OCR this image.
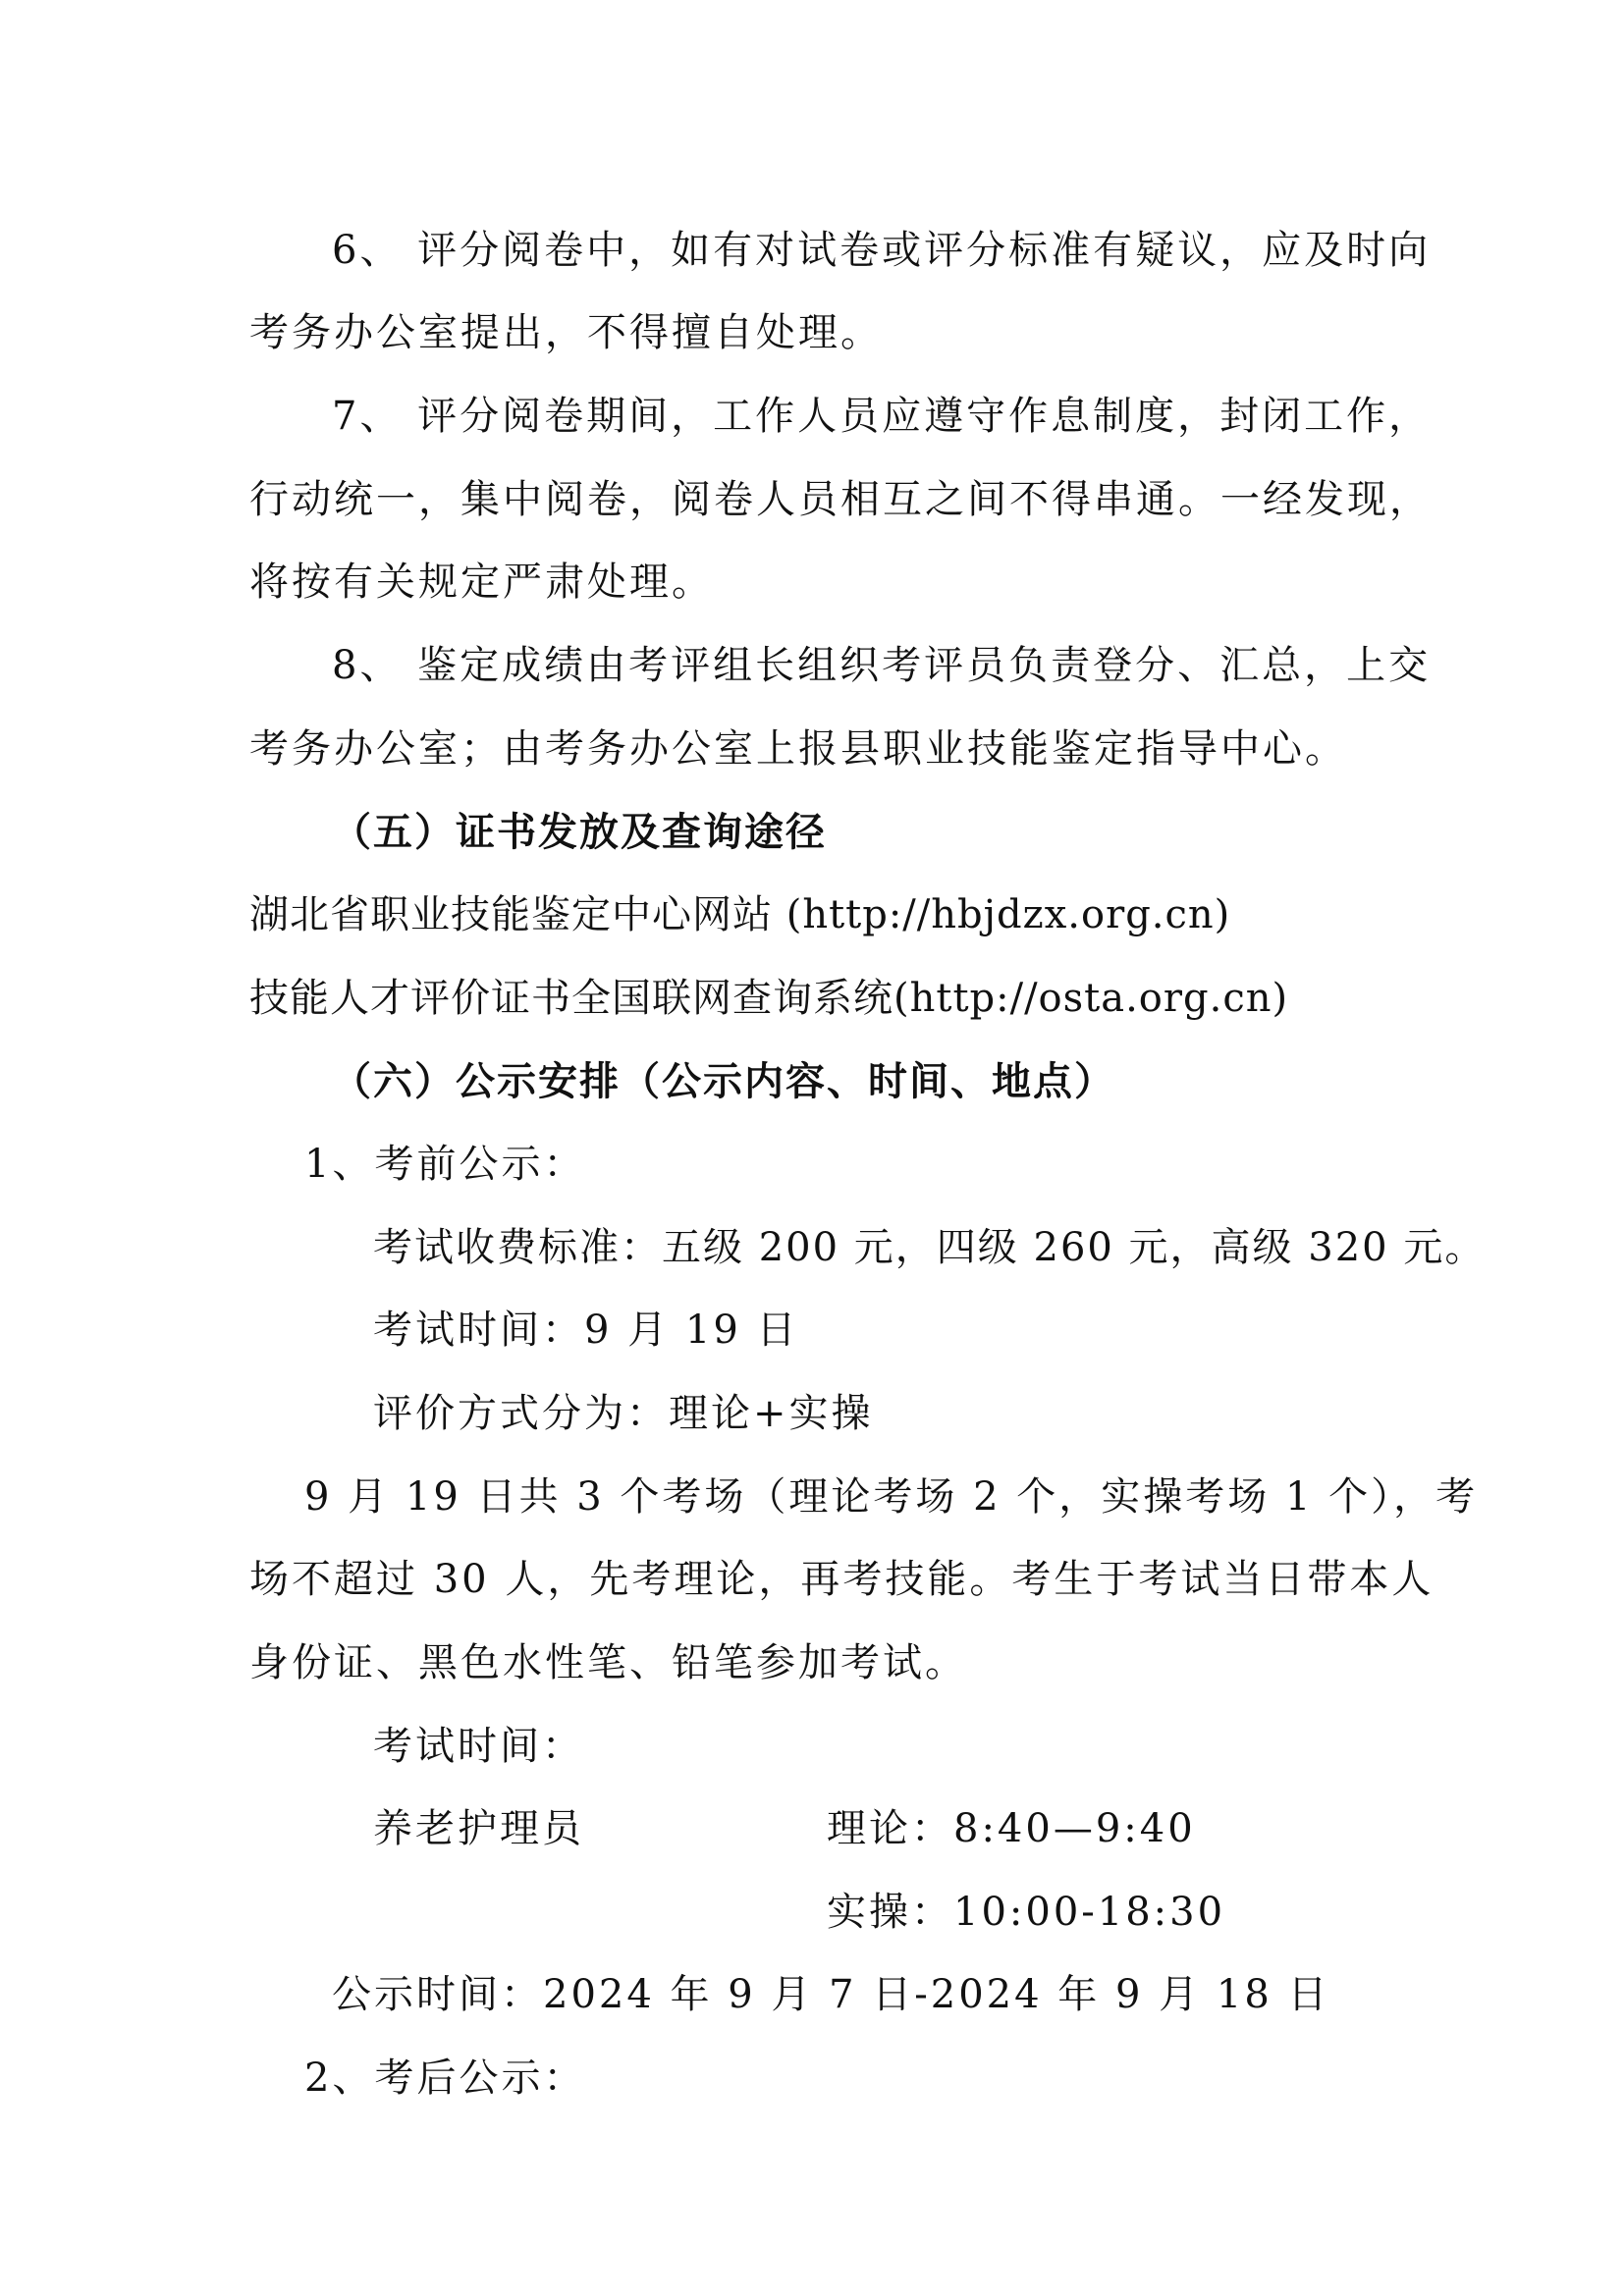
6、 评分阅卷中，如有对试卷或评分标准有疑议，应及时向
考务办公室提出，不得擅自处理。
7、 评分阅卷期间，工作人员应遵守作息制度，封闭工作，
行动统一，集中阅卷，阅卷人员相互之间不得串通。一经发现，
将按有关规定严肃处理。
8、 鉴定成绩由考评组长组织考评员负责登分、汇总，上交
考务办公室；由考务办公室上报县职业技能鉴定指导中心。
（五）证书发放及查询途径
湖北省职业技能鉴定中心网站 (http://hbjdzx.org.cn)
技能人才评价证书全国联网查询系统(http://osta.org.cn)
（六）公示安排（公示内容、时间、地点）
1、考前公示：
考试收费标准：五级 200 元，四级 260 元，高级 320 元。
考试时间：9 月 19 日
评价方式分为：理论+实操
9 月 19 日共 3 个考场（理论考场 2 个，实操考场 1 个），考
场不超过 30 人，先考理论，再考技能。考生于考试当日带本人
身份证、黑色水性笔、铅笔参加考试。
考试时间：
养老护理员	理论：8:40—9:40
实操：10:00-18:30
公示时间：2024 年 9 月 7 日-2024 年 9 月 18 日
2、考后公示：
